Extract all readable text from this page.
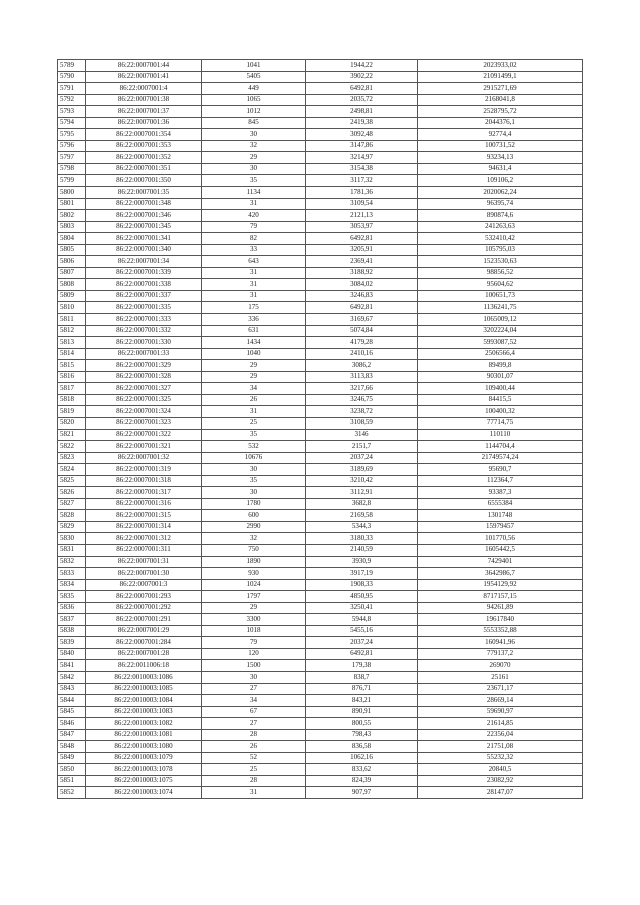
5789	86:22:0007001:44	1041	1944,22	2023933,02
5790	86:22:0007001:41	5405	3902,22	21091499,1
5791	86:22:0007001:4	449	6492,81	2915271,69
5792	86:22:0007001:38	1065	2035,72	2168041,8
5793	86:22:0007001:37	1012	2498,81	2528795,72
5794	86:22:0007001:36	845	2419,38	2044376,1
5795	86:22:0007001:354	30	3092,48	92774,4
5796	86:22:0007001:353	32	3147,86	100731,52
5797	86:22:0007001:352	29	3214,97	93234,13
5798	86:22:0007001:351	30	3154,38	94631,4
5799	86:22:0007001:350	35	3117,32	109106,2
5800	86:22:0007001:35	1134	1781,36	2020062,24
5801	86:22:0007001:348	31	3109,54	96395,74
5802	86:22:0007001:346	420	2121,13	890874,6
5803	86:22:0007001:345	79	3053,97	241263,63
5804	86:22:0007001:341	82	6492,81	532410,42
5805	86:22:0007001:340	33	3205,91	105795,03
5806	86:22:0007001:34	643	2369,41	1523530,63
5807	86:22:0007001:339	31	3188,92	98856,52
5808	86:22:0007001:338	31	3084,02	95604,62
5809	86:22:0007001:337	31	3246,83	100651,73
5810	86:22:0007001:335	175	6492,81	1136241,75
5811	86:22:0007001:333	336	3169,67	1065009,12
5812	86:22:0007001:332	631	5074,84	3202224,04
5813	86:22:0007001:330	1434	4179,28	5993087,52
5814	86:22:0007001:33	1040	2410,16	2506566,4
5815	86:22:0007001:329	29	3086,2	89499,8
5816	86:22:0007001:328	29	3113,83	90301,07
5817	86:22:0007001:327	34	3217,66	109400,44
5818	86:22:0007001:325	26	3246,75	84415,5
5819	86:22:0007001:324	31	3238,72	100400,32
5820	86:22:0007001:323	25	3108,59	77714,75
5821	86:22:0007001:322	35	3146	110110
5822	86:22:0007001:321	532	2151,7	1144704,4
5823	86:22:0007001:32	10676	2037,24	21749574,24
5824	86:22:0007001:319	30	3189,69	95690,7
5825	86:22:0007001:318	35	3210,42	112364,7
5826	86:22:0007001:317	30	3112,91	93387,3
5827	86:22:0007001:316	1780	3682,8	6555384
5828	86:22:0007001:315	600	2169,58	1301748
5829	86:22:0007001:314	2990	5344,3	15979457
5830	86:22:0007001:312	32	3180,33	101770,56
5831	86:22:0007001:311	750	2140,59	1605442,5
5832	86:22:0007001:31	1890	3930,9	7429401
5833	86:22:0007001:30	930	3917,19	3642986,7
5834	86:22:0007001:3	1024	1908,33	1954129,92
5835	86:22:0007001:293	1797	4850,95	8717157,15
5836	86:22:0007001:292	29	3250,41	94261,89
5837	86:22:0007001:291	3300	5944,8	19617840
5838	86:22:0007001:29	1018	5455,16	5553352,88
5839	86:22:0007001:284	79	2037,24	160941,96
5840	86:22:0007001:28	120	6492,81	779137,2
5841	86:22:0011006:18	1500	179,38	269070
5842	86:22:0010003:1086	30	838,7	25161
5843	86:22:0010003:1085	27	876,71	23671,17
5844	86:22:0010003:1084	34	843,21	28669,14
5845	86:22:0010003:1083	67	890,91	59690,97
5846	86:22:0010003:1082	27	800,55	21614,85
5847	86:22:0010003:1081	28	798,43	22356,04
5848	86:22:0010003:1080	26	836,58	21751,08
5849	86:22:0010003:1079	52	1062,16	55232,32
5850	86:22:0010003:1078	25	833,62	20840,5
5851	86:22:0010003:1075	28	824,39	23082,92
5852	86:22:0010003:1074	31	907,97	28147,07
